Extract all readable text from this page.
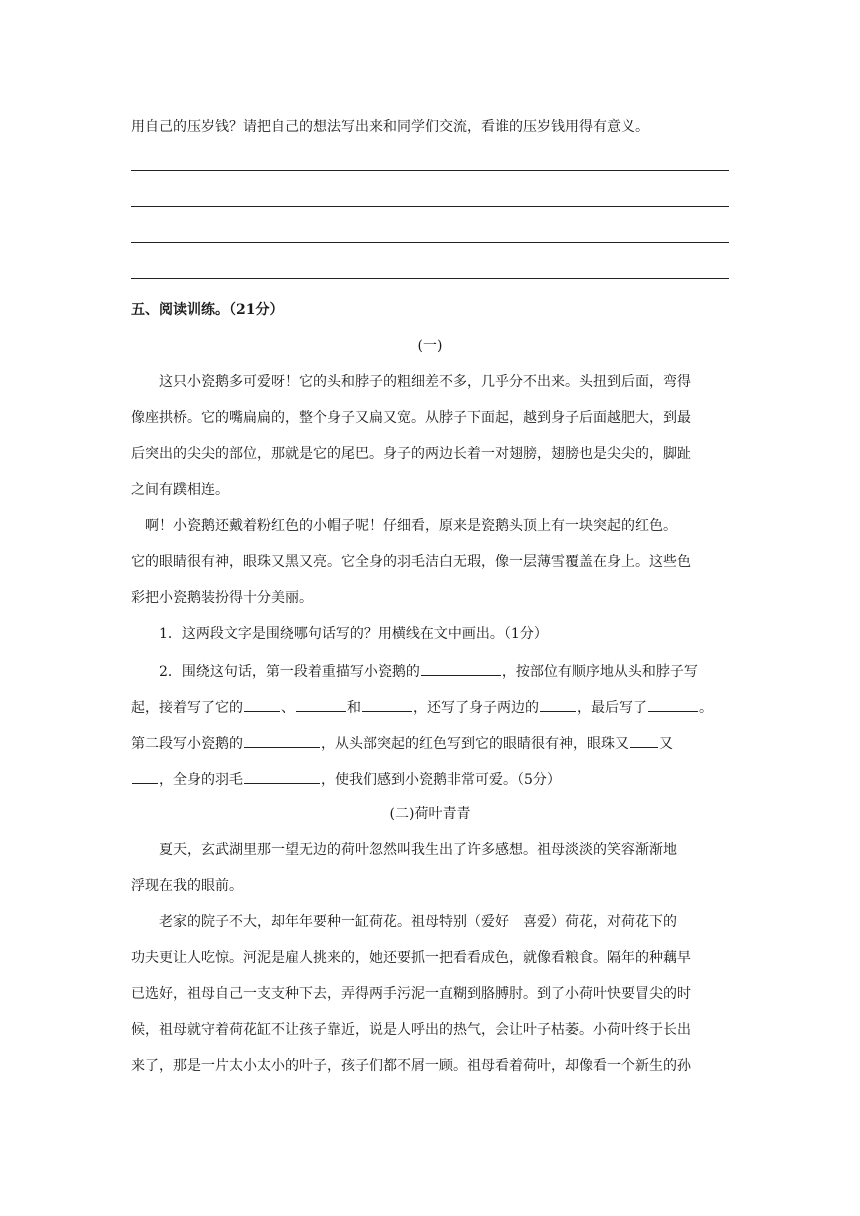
用自己的压岁钱？请把自己的想法写出来和同学们交流，看谁的压岁钱用得有意义。
五、阅读训练。（21分）
(一)
这只小瓷鹅多可爱呀！它的头和脖子的粗细差不多，几乎分不出来。头扭到后面，弯得
像座拱桥。它的嘴扁扁的，整个身子又扁又宽。从脖子下面起，越到身子后面越肥大，到最
后突出的尖尖的部位，那就是它的尾巴。身子的两边长着一对翅膀，翅膀也是尖尖的，脚趾
之间有蹼相连。
啊！小瓷鹅还戴着粉红色的小帽子呢！仔细看，原来是瓷鹅头顶上有一块突起的红色。
它的眼睛很有神，眼珠又黑又亮。它全身的羽毛洁白无瑕，像一层薄雪覆盖在身上。这些色
彩把小瓷鹅装扮得十分美丽。
1．这两段文字是围绕哪句话写的？用横线在文中画出。（1分）
2．围绕这句话，第一段着重描写小瓷鹅的	，按部位有顺序地从头和脖子写
起，接着写了它的	、	和	，还写了身子两边的	，最后写了	。
第二段写小瓷鹅的	，从头部突起的红色写到它的眼睛很有神，眼珠又 又
，全身的羽毛	，使我们感到小瓷鹅非常可爱。（5分）
(二)荷叶青青
夏天，玄武湖里那一望无边的荷叶忽然叫我生出了许多感想。祖母淡淡的笑容渐渐地
浮现在我的眼前。
老家的院子不大，却年年要种一缸荷花。祖母特别（爱好　喜爱）荷花，对荷花下的
功夫更让人吃惊。河泥是雇人挑来的，她还要抓一把看看成色，就像看粮食。隔年的种藕早
已选好，祖母自己一支支种下去，弄得两手污泥一直糊到胳膊肘。到了小荷叶快要冒尖的时
候，祖母就守着荷花缸不让孩子靠近，说是人呼出的热气，会让叶子枯萎。小荷叶终于长出
来了，那是一片太小太小的叶子，孩子们都不屑一顾。祖母看着荷叶，却像看一个新生的孙
